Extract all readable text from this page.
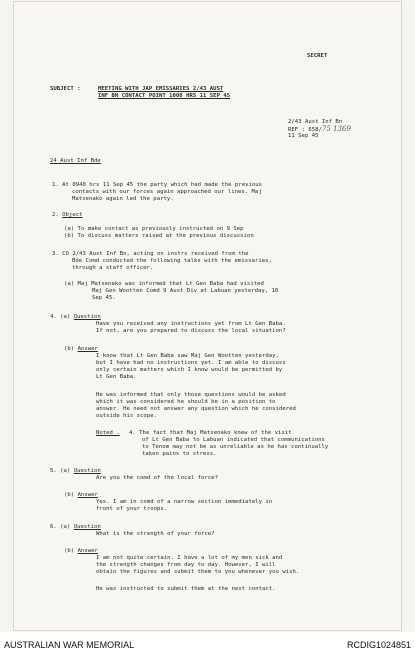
SECRET
SUBJECT :	MEETING WITH JAP EMISSARIES 2/43 AUST
INF BN CONTACT POINT 1000 HRS 11 SEP 45
2/43 Aust Inf Bn
REF : 658/75 1369
11 Sep 45
24 Aust Inf Bde
1. At 0940 hrs 11 Sep 45 the party which had made the previous
contacts with our forces again approached our lines. Maj
Matsenako again led the party.
2. Object
(a) To make contact as previously instructed on 9 Sep
(b) To discuss matters raised at the previous discussion
3. CO 2/43 Aust Inf Bn, acting on instrs received from the
Bde Comd conducted the following talks with the emissaries,
through a staff officer.
(a) Maj Matsenako was informed that Lt Gen Baba had visited
Maj Gen Wootten Comd 9 Aust Div at Labuan yesterday, 10
Sep 45.
4. (a) Question
Have you received any instructions yet from Lt Gen Baba.
If not, are you prepared to discuss the local situation?
(b) Answer
I know that Lt Gen Baba saw Maj Gen Wootten yesterday,
but I have had no instructions yet. I am able to discuss
only certain matters which I know would be permitted by
Lt Gen Baba.
He was informed that only those questions would be asked
which it was considered he should be in a position to
answer. He need not answer any question which he considered
outside his scope.
Noted . 4. The fact that Maj Matsenako knew of the visit
of Lt Gen Baba to Labuan indicated that communications
to Tenom may not be as unreliable as he has continually
taken pains to stress.
5. (a) Question
Are you the comd of the local force?
(b) Answer
Yes. I am in comd of a narrow section immediately in
front of your troops.
6. (a) Question
What is the strength of your force?
(b) Answer
I am not quite certain. I have a lot of my men sick and
the strength changes from day to day. However, I will
obtain the figures and submit them to you whenever you wish.
He was instructed to submit them at the next contact.
AUSTRALIAN WAR MEMORIAL	RCDIG1024851
